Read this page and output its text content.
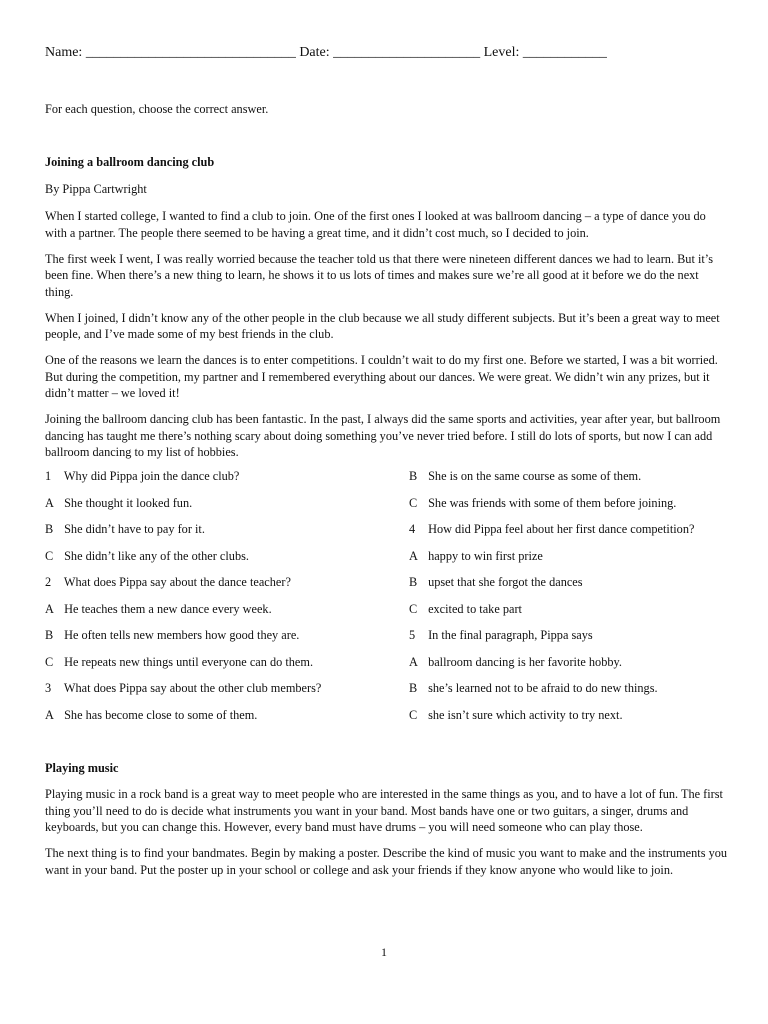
Name: ______________________________ Date: _____________________ Level: ____________
For each question, choose the correct answer.
Joining a ballroom dancing club
By Pippa Cartwright

When I started college, I wanted to find a club to join. One of the first ones I looked at was ballroom dancing – a type of dance you do with a partner. The people there seemed to be having a great time, and it didn’t cost much, so I decided to join.

The first week I went, I was really worried because the teacher told us that there were nineteen different dances we had to learn. But it’s been fine. When there’s a new thing to learn, he shows it to us lots of times and makes sure we’re all good at it before we do the next thing.

When I joined, I didn’t know any of the other people in the club because we all study different subjects. But it’s been a great way to meet people, and I’ve made some of my best friends in the club.

One of the reasons we learn the dances is to enter competitions. I couldn’t wait to do my first one. Before we started, I was a bit worried. But during the competition, my partner and I remembered everything about our dances. We were great. We didn’t win any prizes, but it didn’t matter – we loved it!

Joining the ballroom dancing club has been fantastic. In the past, I always did the same sports and activities, year after year, but ballroom dancing has taught me there’s nothing scary about doing something you’ve never tried before. I still do lots of sports, but now I can add ballroom dancing to my list of hobbies.

1 Why did Pippa join the dance club?
A She thought it looked fun.
B She didn’t have to pay for it.
C She didn’t like any of the other clubs.
2 What does Pippa say about the dance teacher?
A He teaches them a new dance every week.
B He often tells new members how good they are.
C He repeats new things until everyone can do them.
3 What does Pippa say about the other club members?
A She has become close to some of them.
B She is on the same course as some of them.
C She was friends with some of them before joining.
4 How did Pippa feel about her first dance competition?
A happy to win first prize
B upset that she forgot the dances
C excited to take part
5 In the final paragraph, Pippa says
A ballroom dancing is her favorite hobby.
B she’s learned not to be afraid to do new things.
C she isn’t sure which activity to try next.
Playing music

Playing music in a rock band is a great way to meet people who are interested in the same things as you, and to have a lot of fun. The first thing you’ll need to do is decide what instruments you want in your band. Most bands have one or two guitars, a singer, drums and keyboards, but you can change this. However, every band must have drums – you will need someone who can play those.

The next thing is to find your bandmates. Begin by making a poster. Describe the kind of music you want to make and the instruments you want in your band. Put the poster up in your school or college and ask your friends if they know anyone who would like to join.

1
